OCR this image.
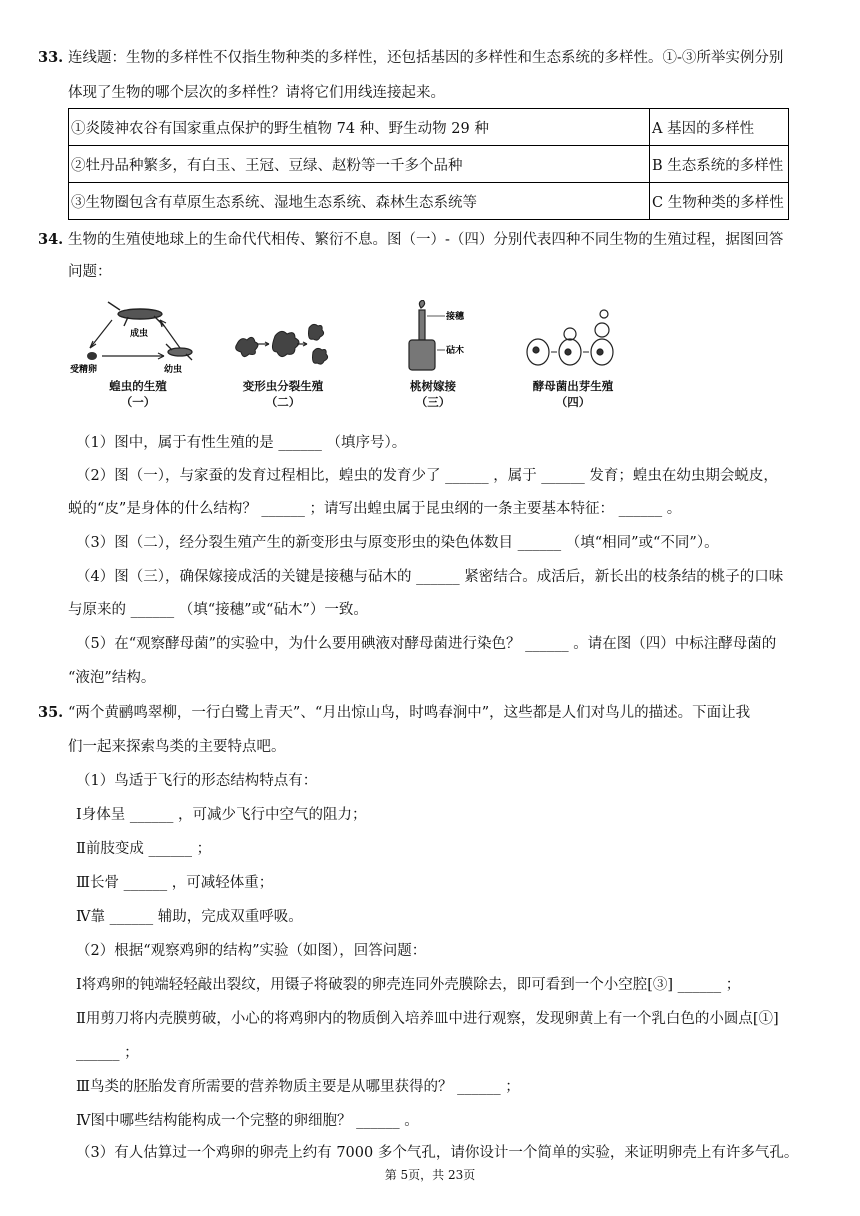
33. 连线题：生物的多样性不仅指生物种类的多样性，还包括基因的多样性和生态系统的多样性。①-③所举实例分别
体现了生物的哪个层次的多样性？请将它们用线连接起来。
①炎陵神农谷有国家重点保护的野生植物 74 种、野生动物 29 种	A 基因的多样性
②牡丹品种繁多，有白玉、王冠、豆绿、赵粉等一千多个品种	B 生态系统的多样性
③生物圈包含有草原生态系统、湿地生态系统、森林生态系统等	C 生物种类的多样性
34. 生物的生殖使地球上的生命代代相传、繁衍不息。图（一）-（四）分别代表四种不同生物的生殖过程，据图回答
问题：
成虫
受精卵	幼虫
蝗虫的生殖
（一）
变形虫分裂生殖
（二）
接穗
砧木
桃树嫁接
（三）
酵母菌出芽生殖
（四）
（1）图中，属于有性生殖的是 ______ （填序号）。
（2）图（一），与家蚕的发育过程相比，蝗虫的发育少了 ______ ，属于 ______ 发育；蝗虫在幼虫期会蜕皮，
蜕的“皮”是身体的什么结构？ ______ ；请写出蝗虫属于昆虫纲的一条主要基本特征： ______ 。
（3）图（二），经分裂生殖产生的新变形虫与原变形虫的染色体数目 ______ （填“相同”或“不同”）。
（4）图（三），确保嫁接成活的关键是接穗与砧木的 ______ 紧密结合。成活后，新长出的枝条结的桃子的口味
与原来的 ______ （填“接穗”或“砧木”）一致。
（5）在“观察酵母菌”的实验中，为什么要用碘液对酵母菌进行染色？ ______ 。请在图（四）中标注酵母菌的
“液泡”结构。
35. “两个黄鹂鸣翠柳，一行白鹭上青天”、“月出惊山鸟，时鸣春涧中”，这些都是人们对鸟儿的描述。下面让我
们一起来探索鸟类的主要特点吧。
（1）鸟适于飞行的形态结构特点有：
Ⅰ身体呈 ______ ，可减少飞行中空气的阻力；
Ⅱ前肢变成 ______ ；
Ⅲ长骨 ______ ，可减轻体重；
Ⅳ靠 ______ 辅助，完成双重呼吸。
（2）根据“观察鸡卵的结构”实验（如图），回答问题：
Ⅰ将鸡卵的钝端轻轻敲出裂纹，用镊子将破裂的卵壳连同外壳膜除去，即可看到一个小空腔[③] ______ ；
Ⅱ用剪刀将内壳膜剪破，小心的将鸡卵内的物质倒入培养皿中进行观察，发现卵黄上有一个乳白色的小圆点[①]
______ ；
Ⅲ鸟类的胚胎发育所需要的营养物质主要是从哪里获得的？ ______ ；
Ⅳ图中哪些结构能构成一个完整的卵细胞？ ______ 。
（3）有人估算过一个鸡卵的卵壳上约有 7000 多个气孔，请你设计一个简单的实验，来证明卵壳上有许多气孔。
第 5页，共 23页
